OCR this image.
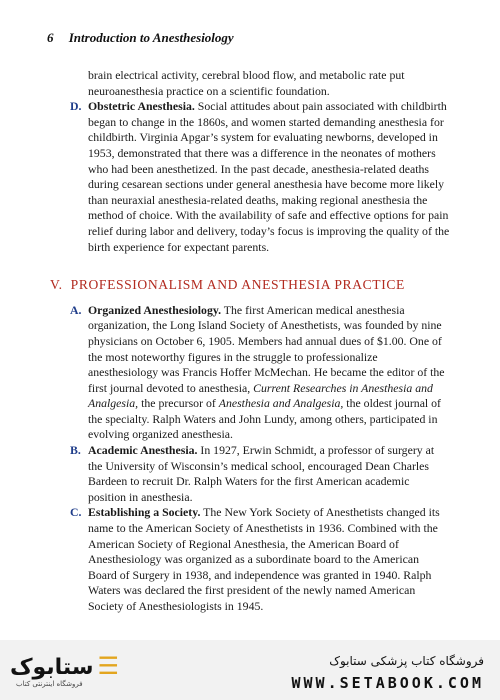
6 Introduction to Anesthesiology

brain electrical activity, cerebral blood flow, and metabolic rate put neuroanesthesia practice on a scientific foundation.

D. Obstetric Anesthesia. Social attitudes about pain associated with childbirth began to change in the 1860s, and women started demanding anesthesia for childbirth. Virginia Apgar’s system for evaluating newborns, developed in 1953, demonstrated that there was a difference in the neonates of mothers who had been anesthetized. In the past decade, anesthesia-related deaths during cesarean sections under general anesthesia have become more likely than neuraxial anesthesia-related deaths, making regional anesthesia the method of choice. With the availability of safe and effective options for pain relief during labor and delivery, today’s focus is improving the quality of the birth experience for expectant parents.

V. PROFESSIONALISM AND ANESTHESIA PRACTICE

A. Organized Anesthesiology. The first American medical anesthesia organization, the Long Island Society of Anesthetists, was founded by nine physicians on October 6, 1905. Members had annual dues of $1.00. One of the most noteworthy figures in the struggle to professionalize anesthesiology was Francis Hoffer McMechan. He became the editor of the first journal devoted to anesthesia, Current Researches in Anesthesia and Analgesia, the precursor of Anesthesia and Analgesia, the oldest journal of the specialty. Ralph Waters and John Lundy, among others, participated in evolving organized anesthesia.

B. Academic Anesthesia. In 1927, Erwin Schmidt, a professor of surgery at the University of Wisconsin’s medical school, encouraged Dean Charles Bardeen to recruit Dr. Ralph Waters for the first American academic position in anesthesia.

C. Establishing a Society. The New York Society of Anesthetists changed its name to the American Society of Anesthetists in 1936. Combined with the American Society of Regional Anesthesia, the American Board of Anesthesiology was organized as a subordinate board to the American Board of Surgery in 1938, and independence was granted in 1940. Ralph Waters was declared the first president of the newly named American Society of Anesthesiologists in 1945.

ستابوک ☰
فروشگاه اینترنتی کتاب
فروشگاه کتاب پزشکی ستابوک
WWW.SETABOOK.COM
